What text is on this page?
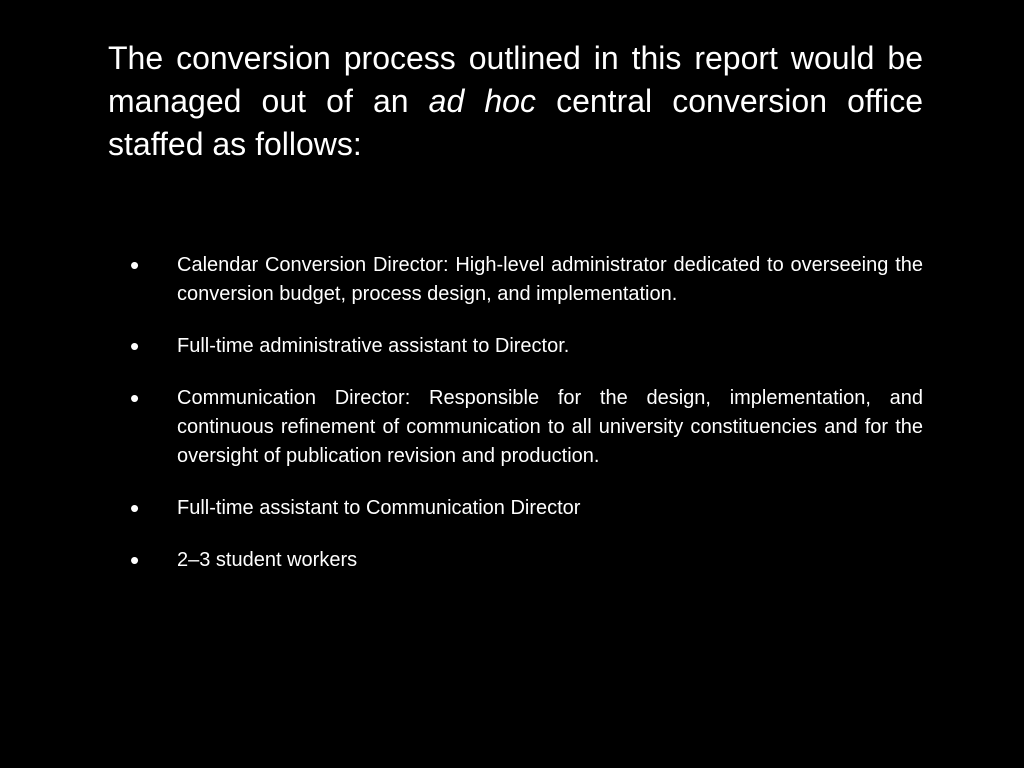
The conversion process outlined in this report would be managed out of an ad hoc central conversion office staffed as follows:

• Calendar Conversion Director: High-level administrator dedicated to overseeing the conversion budget, process design, and implementation.
• Full-time administrative assistant to Director.
• Communication Director: Responsible for the design, implementation, and continuous refinement of communication to all university constituencies and for the oversight of publication revision and production.
• Full-time assistant to Communication Director
• 2–3 student workers
